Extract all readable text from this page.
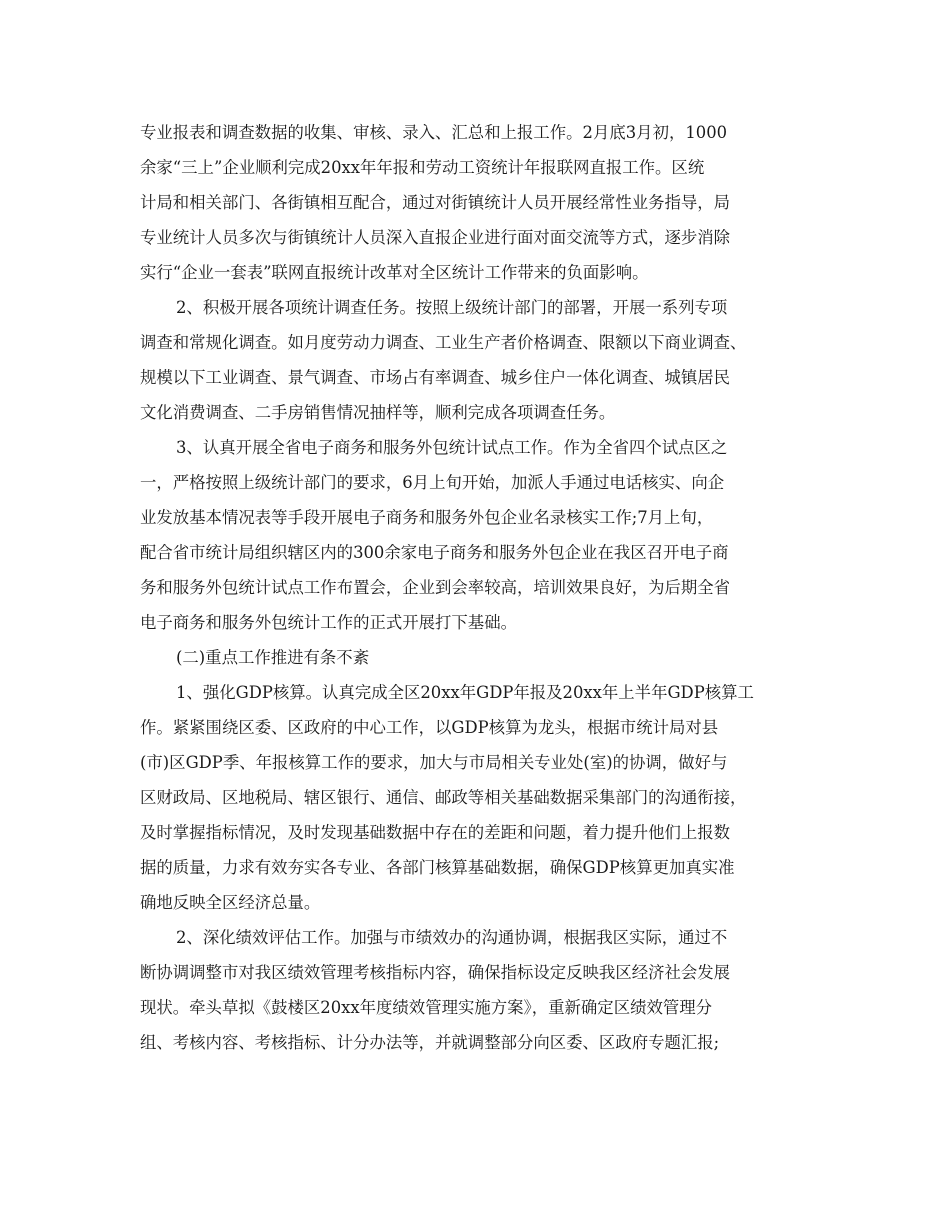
专业报表和调查数据的收集、审核、录入、汇总和上报工作。2月底3月初，1000
余家“三上”企业顺利完成20xx年年报和劳动工资统计年报联网直报工作。区统
计局和相关部门、各街镇相互配合，通过对街镇统计人员开展经常性业务指导，局
专业统计人员多次与街镇统计人员深入直报企业进行面对面交流等方式，逐步消除
实行“企业一套表”联网直报统计改革对全区统计工作带来的负面影响。
2、积极开展各项统计调查任务。按照上级统计部门的部署，开展一系列专项
调查和常规化调查。如月度劳动力调查、工业生产者价格调查、限额以下商业调查、
规模以下工业调查、景气调查、市场占有率调查、城乡住户一体化调查、城镇居民
文化消费调查、二手房销售情况抽样等，顺利完成各项调查任务。
3、认真开展全省电子商务和服务外包统计试点工作。作为全省四个试点区之
一，严格按照上级统计部门的要求，6月上旬开始，加派人手通过电话核实、向企
业发放基本情况表等手段开展电子商务和服务外包企业名录核实工作;7月上旬，
配合省市统计局组织辖区内的300余家电子商务和服务外包企业在我区召开电子商
务和服务外包统计试点工作布置会，企业到会率较高，培训效果良好，为后期全省
电子商务和服务外包统计工作的正式开展打下基础。
(二)重点工作推进有条不紊
1、强化GDP核算。认真完成全区20xx年GDP年报及20xx年上半年GDP核算工
作。紧紧围绕区委、区政府的中心工作，以GDP核算为龙头，根据市统计局对县
(市)区GDP季、年报核算工作的要求，加大与市局相关专业处(室)的协调，做好与
区财政局、区地税局、辖区银行、通信、邮政等相关基础数据采集部门的沟通衔接，
及时掌握指标情况，及时发现基础数据中存在的差距和问题，着力提升他们上报数
据的质量，力求有效夯实各专业、各部门核算基础数据，确保GDP核算更加真实准
确地反映全区经济总量。
2、深化绩效评估工作。加强与市绩效办的沟通协调，根据我区实际，通过不
断协调调整市对我区绩效管理考核指标内容，确保指标设定反映我区经济社会发展
现状。牵头草拟《鼓楼区20xx年度绩效管理实施方案》，重新确定区绩效管理分
组、考核内容、考核指标、计分办法等，并就调整部分向区委、区政府专题汇报;
